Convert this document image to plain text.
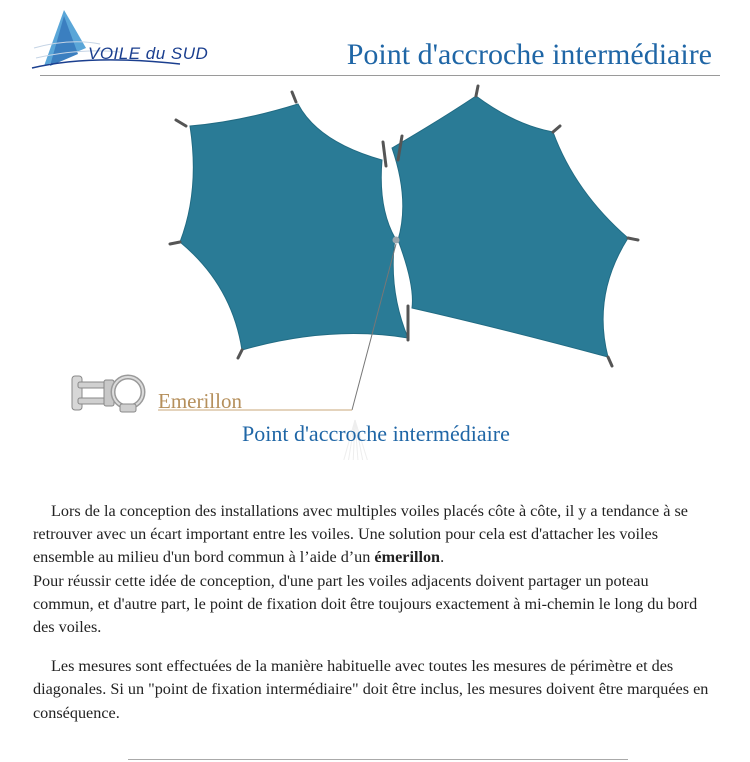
VOILE du SUD	Point d'accroche intermédiaire
Emerillon
Point d'accroche intermédiaire

Lors de la conception des installations avec multiples voiles placés côte à côte, il y a tendance à se retrouver avec un écart important entre les voiles. Une solution pour cela est d'attacher les voiles ensemble au milieu d'un bord commun à l’aide d’un émerillon.
Pour réussir cette idée de conception, d'une part les voiles adjacents doivent partager un poteau commun, et d'autre part, le point de fixation doit être toujours exactement à mi-chemin le long du bord des voiles.

Les mesures sont effectuées de la manière habituelle avec toutes les mesures de périmètre et des diagonales. Si un "point de fixation intermédiaire" doit être inclus, les mesures doivent être marquées en conséquence.
